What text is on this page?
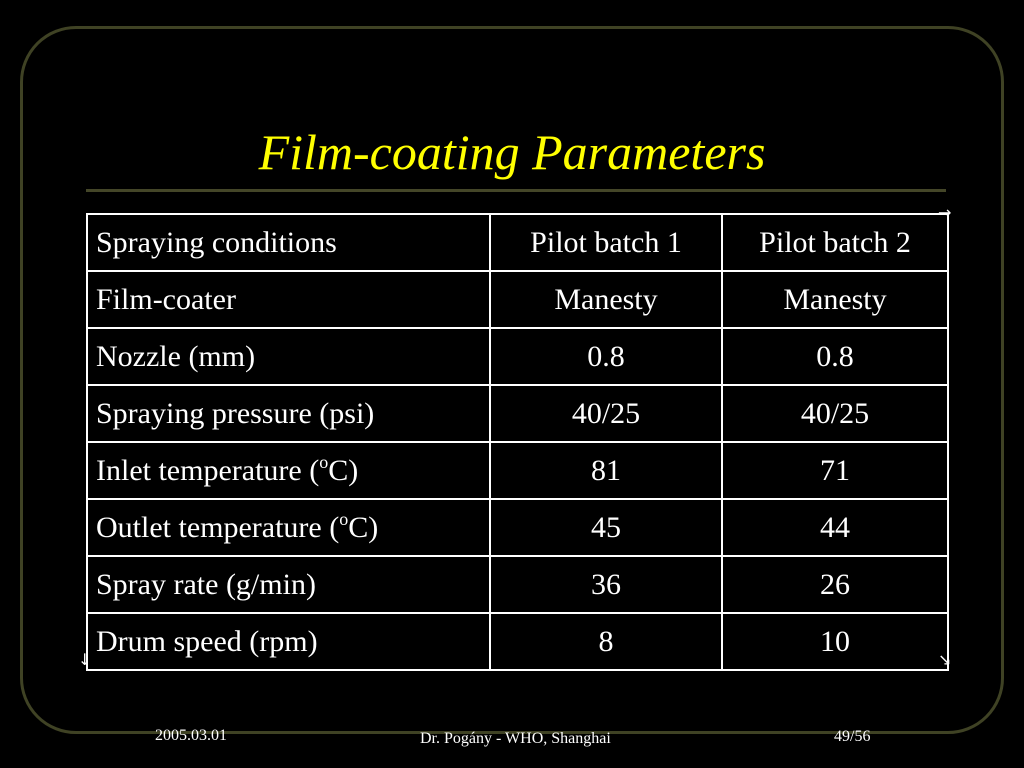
Film-coating Parameters
Spraying conditions	Pilot batch 1	Pilot batch 2
Film-coater	Manesty	Manesty
Nozzle (mm)	0.8	0.8
Spraying pressure (psi)	40/25	40/25
Inlet temperature ($^o$C)	81	71
Outlet temperature ($^o$C)	45	44
Spray rate (g/min)	36	26
Drum speed (rpm)	8	10
→
↘
↓
2005.03.01	Dr. Pogány - WHO, Shanghai	49/56
